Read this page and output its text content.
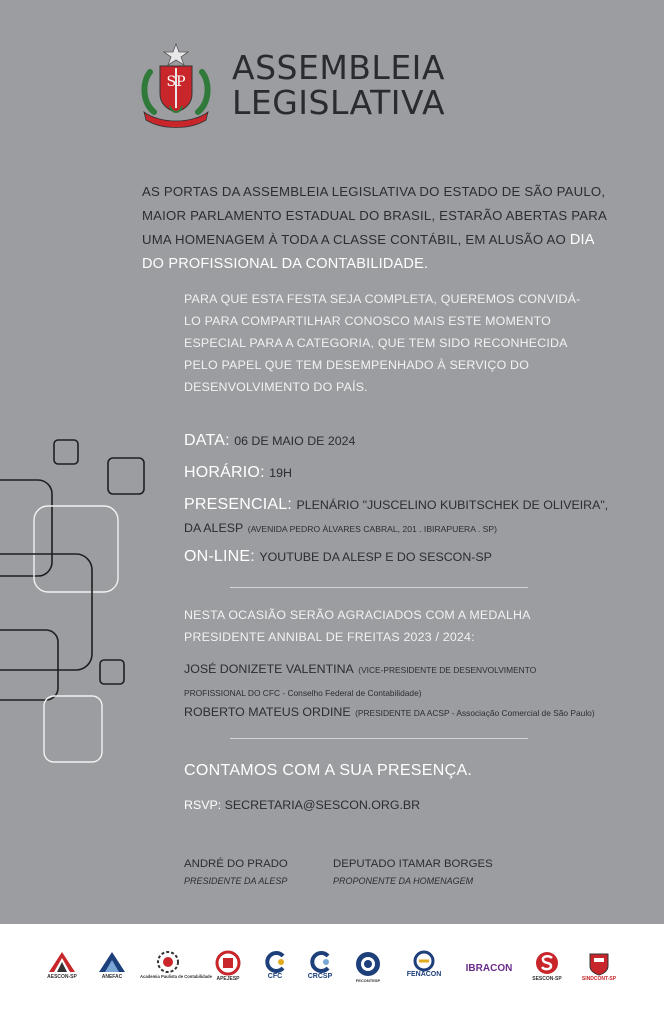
SP ASSEMBLEIA
LEGISLATIVA
AS PORTAS DA ASSEMBLEIA LEGISLATIVA DO ESTADO DE SÃO PAULO, MAIOR PARLAMENTO ESTADUAL DO BRASIL, ESTARÃO ABERTAS PARA UMA HOMENAGEM À TODA A CLASSE CONTÁBIL, EM ALUSÃO AO DIA DO PROFISSIONAL DA CONTABILIDADE.
PARA QUE ESTA FESTA SEJA COMPLETA, QUEREMOS CONVIDÁ-LO PARA COMPARTILHAR CONOSCO MAIS ESTE MOMENTO ESPECIAL PARA A CATEGORIA, QUE TEM SIDO RECONHECIDA PELO PAPEL QUE TEM DESEMPENHADO À SERVIÇO DO DESENVOLVIMENTO DO PAÍS.
DATA: 06 DE MAIO DE 2024
HORÁRIO: 19H
PRESENCIAL: PLENÁRIO "JUSCELINO KUBITSCHEK DE OLIVEIRA",
DA ALESP (AVENIDA PEDRO ÁLVARES CABRAL, 201 . IBIRAPUERA . SP)
ON-LINE: YOUTUBE DA ALESP E DO SESCON-SP
NESTA OCASIÃO SERÃO AGRACIADOS COM A MEDALHA PRESIDENTE ANNIBAL DE FREITAS 2023 / 2024:
JOSÉ DONIZETE VALENTINA (VICE-PRESIDENTE DE DESENVOLVIMENTO
PROFISSIONAL DO CFC - Conselho Federal de Contabilidade)
ROBERTO MATEUS ORDINE (PRESIDENTE DA ACSP - Associação Comercial de São Paulo)
CONTAMOS COM A SUA PRESENÇA.
RSVP: SECRETARIA@SESCON.ORG.BR
ANDRÉ DO PRADO
PRESIDENTE DA ALESP
DEPUTADO ITAMAR BORGES
PROPONENTE DA HOMENAGEM
AESCON-SP	ANEFAC	Academia Paulista de Contabilidade APEJESP	CFC	CRCSP
FECONTESP
FENACON
IBRACON
SESCON-SP	SINDCONT-SP
